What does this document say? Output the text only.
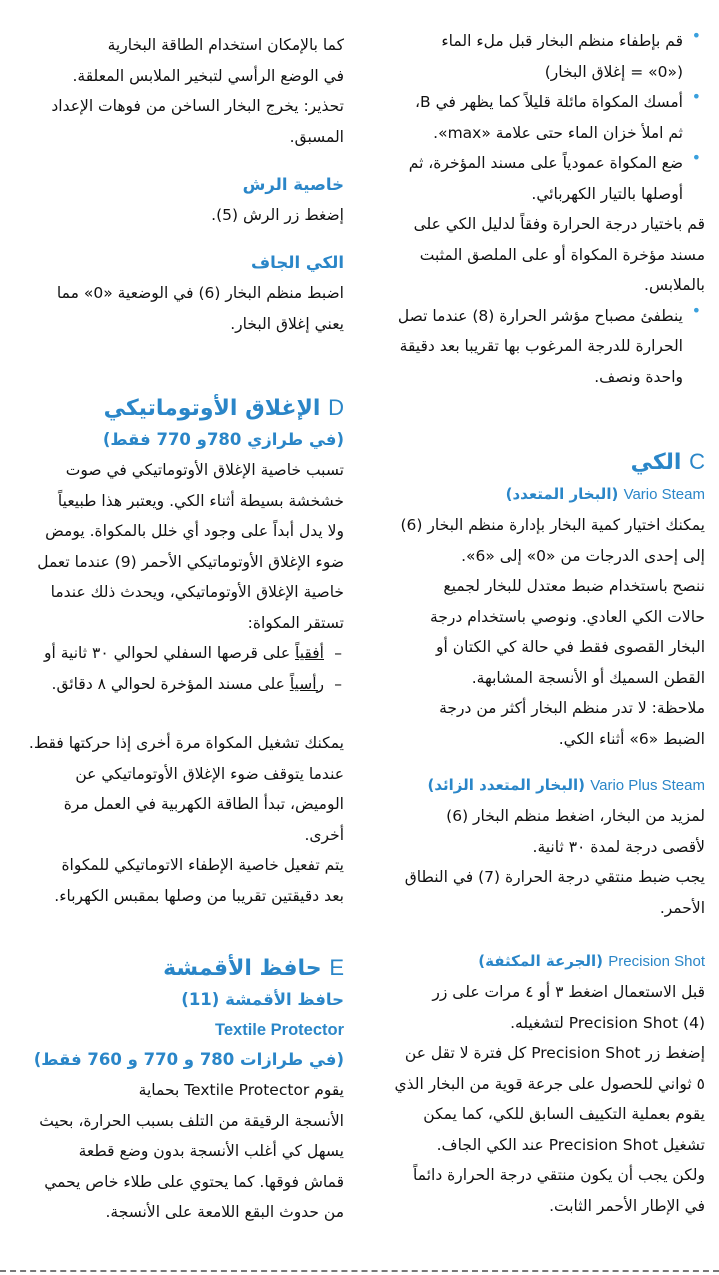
• قم بإطفاء منظم البخار قبل ملء الماء

(«0» = إغلاق البخار)

• أمسك المكواة مائلة قليلاً كما يظهر في B،

ثم املأ خزان الماء حتى علامة «max».

• ضع المكواة عمودياً على مسند المؤخرة، ثم

أوصلها بالتيار الكهربائي.

قم باختيار درجة الحرارة وفقاً لدليل الكي على

مسند مؤخرة المكواة أو على الملصق المثبت

بالملابس.

• ينطفئ مصباح مؤشر الحرارة (8) عندما تصل

الحرارة للدرجة المرغوب بها تقريبا بعد دقيقة

واحدة ونصف.

C الكي
Vario Steam (البخار المتعدد)

يمكنك اختيار كمية البخار بإدارة منظم البخار (6)

إلى إحدى الدرجات من «0» إلى «6».

ننصح باستخدام ضبط معتدل للبخار لجميع

حالات الكي العادي. ونوصي باستخدام درجة

البخار القصوى فقط في حالة كي الكتان أو

القطن السميك أو الأنسجة المشابهة.

ملاحظة: لا تدر منظم البخار أكثر من درجة

الضبط «6» أثناء الكي.

Vario Plus Steam (البخار المتعدد الزائد)

لمزيد من البخار، اضغط منظم البخار (6)

لأقصى درجة لمدة ٣٠ ثانية.

يجب ضبط منتقي درجة الحرارة (7) في النطاق

الأحمر.

Precision Shot (الجرعة المكثفة)

قبل الاستعمال اضغط ٣ أو ٤ مرات على زر

Precision Shot (4) لتشغيله.

إضغط زر Precision Shot كل فترة لا تقل عن

٥ ثواني للحصول على جرعة قوية من البخار الذي

يقوم بعملية التكييف السابق للكي، كما يمكن

تشغيل Precision Shot عند الكي الجاف.

ولكن يجب أن يكون منتقي درجة الحرارة دائماً

في الإطار الأحمر الثابت.

كما بالإمكان استخدام الطاقة البخارية

في الوضع الرأسي لتبخير الملابس المعلقة.

تحذير: يخرج البخار الساخن من فوهات الإعداد

المسبق.

خاصية الرش

إضغط زر الرش (5).

الكي الجاف

اضبط منظم البخار (6) في الوضعية «0» مما

يعني إغلاق البخار.

D الإغلاق الأوتوماتيكي
(في طرازي 780و 770 فقط)

تسبب خاصية الإغلاق الأوتوماتيكي في صوت

خشخشة بسيطة أثناء الكي. ويعتبر هذا طبيعياً

ولا يدل أبداً على وجود أي خلل بالمكواة. يومض

ضوء الإغلاق الأوتوماتيكي الأحمر (9) عندما تعمل

خاصية الإغلاق الأوتوماتيكي، ويحدث ذلك عندما

تستقر المكواة:

– أفقياً على قرصها السفلي لحوالي ٣٠ ثانية أو

– رأسياً على مسند المؤخرة لحوالي ٨ دقائق.

يمكنك تشغيل المكواة مرة أخرى إذا حركتها فقط.

عندما يتوقف ضوء الإغلاق الأوتوماتيكي عن

الوميض، تبدأ الطاقة الكهربية في العمل مرة

أخرى.

يتم تفعيل خاصية الإطفاء الاتوماتيكي للمكواة

بعد دقيقتين تقريبا من وصلها بمقبس الكهرباء.

E حافظ الأقمشة
حافظ الأقمشة (11)
Textile Protector
(في طرازات 780 و 770 و 760 فقط)

يقوم Textile Protector بحماية

الأنسجة الرقيقة من التلف بسبب الحرارة، بحيث

يسهل كي أغلب الأنسجة بدون وضع قطعة

قماش فوقها. كما يحتوي على طلاء خاص يحمي

من حدوث البقع اللامعة على الأنسجة.
